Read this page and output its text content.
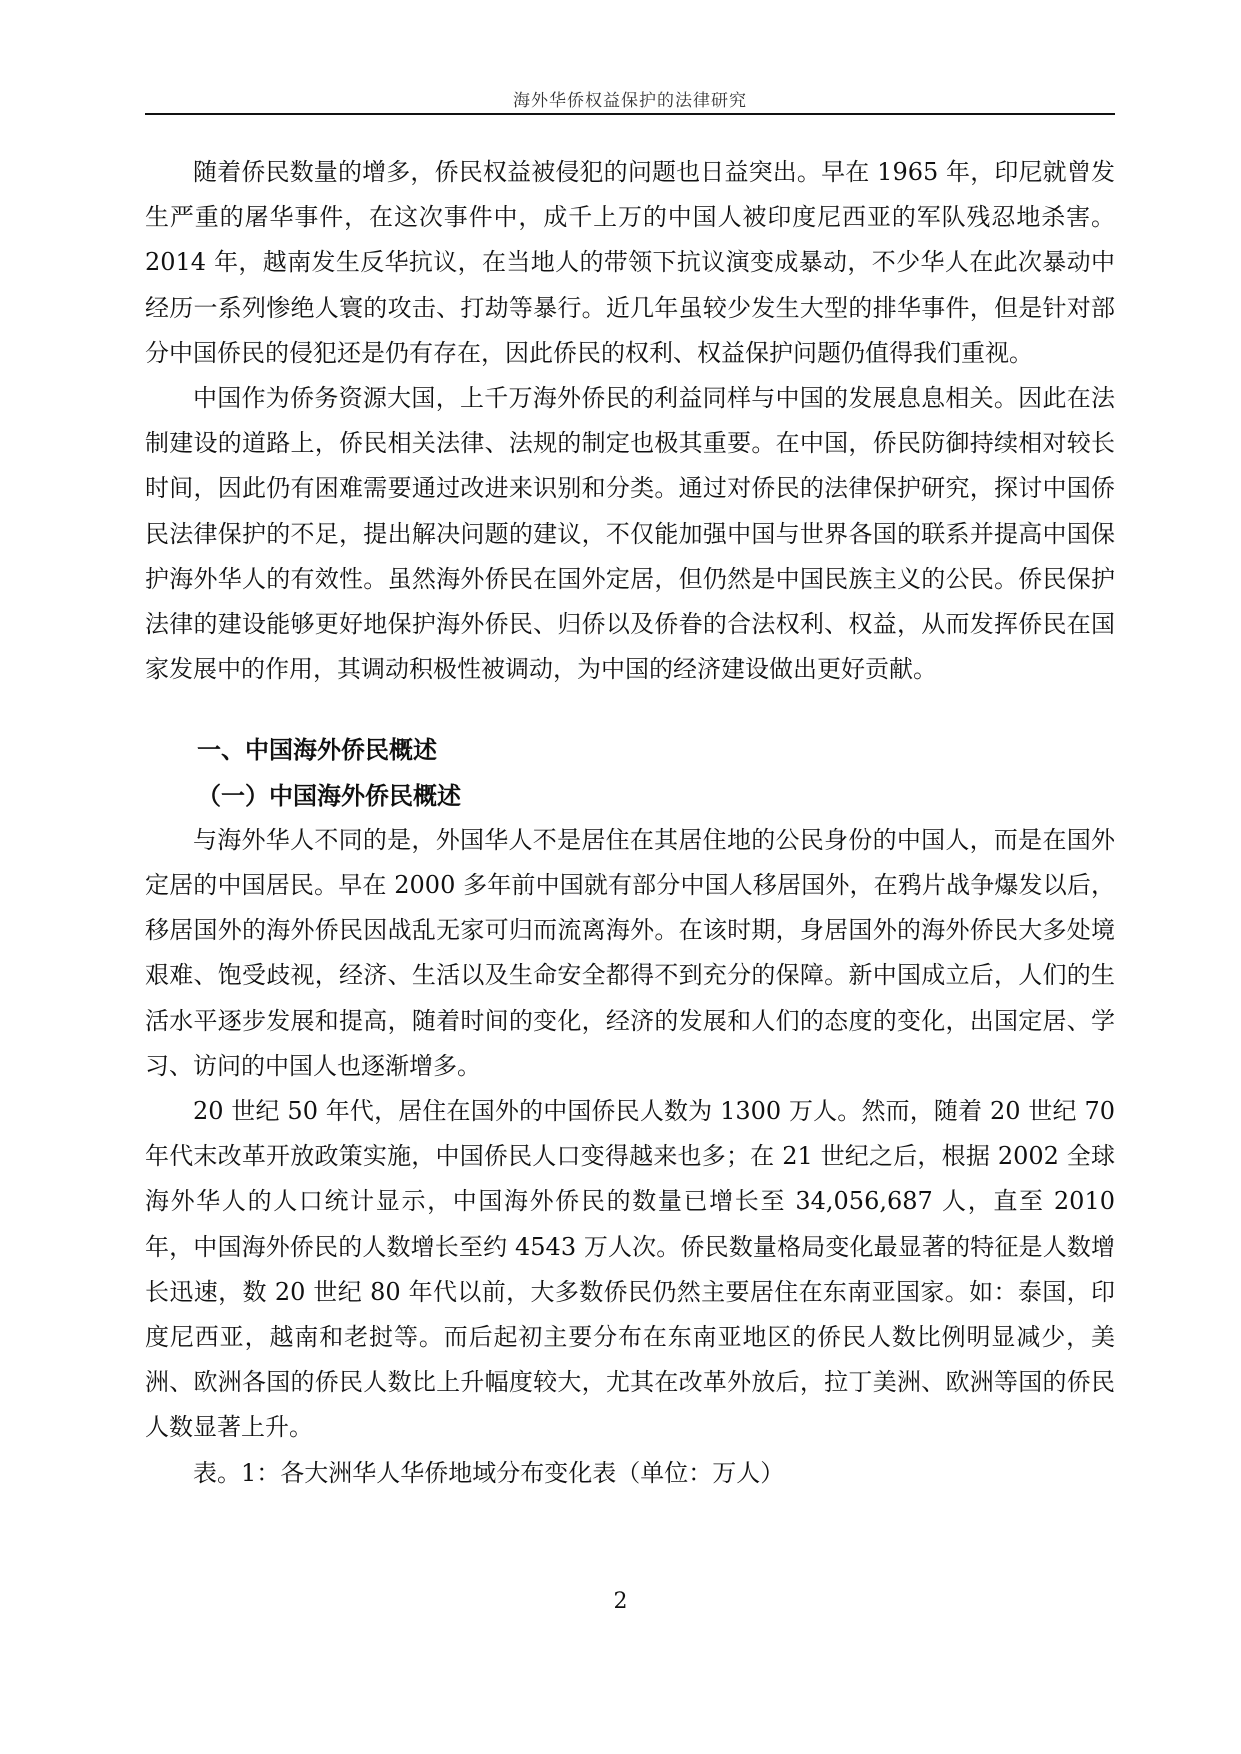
海外华侨权益保护的法律研究

随着侨民数量的增多，侨民权益被侵犯的问题也日益突出。早在 1965 年，印尼就曾发生严重的屠华事件，在这次事件中，成千上万的中国人被印度尼西亚的军队残忍地杀害。2014 年，越南发生反华抗议，在当地人的带领下抗议演变成暴动，不少华人在此次暴动中经历一系列惨绝人寰的攻击、打劫等暴行。近几年虽较少发生大型的排华事件，但是针对部分中国侨民的侵犯还是仍有存在，因此侨民的权利、权益保护问题仍值得我们重视。

中国作为侨务资源大国，上千万海外侨民的利益同样与中国的发展息息相关。因此在法制建设的道路上，侨民相关法律、法规的制定也极其重要。在中国，侨民防御持续相对较长时间，因此仍有困难需要通过改进来识别和分类。通过对侨民的法律保护研究，探讨中国侨民法律保护的不足，提出解决问题的建议，不仅能加强中国与世界各国的联系并提高中国保护海外华人的有效性。虽然海外侨民在国外定居，但仍然是中国民族主义的公民。侨民保护法律的建设能够更好地保护海外侨民、归侨以及侨眷的合法权利、权益，从而发挥侨民在国家发展中的作用，其调动积极性被调动，为中国的经济建设做出更好贡献。

一、中国海外侨民概述

（一）中国海外侨民概述

与海外华人不同的是，外国华人不是居住在其居住地的公民身份的中国人，而是在国外定居的中国居民。早在 2000 多年前中国就有部分中国人移居国外，在鸦片战争爆发以后，移居国外的海外侨民因战乱无家可归而流离海外。在该时期，身居国外的海外侨民大多处境艰难、饱受歧视，经济、生活以及生命安全都得不到充分的保障。新中国成立后，人们的生活水平逐步发展和提高，随着时间的变化，经济的发展和人们的态度的变化，出国定居、学习、访问的中国人也逐渐增多。

20 世纪 50 年代，居住在国外的中国侨民人数为 1300 万人。然而，随着 20 世纪 70 年代末改革开放政策实施，中国侨民人口变得越来也多；在 21 世纪之后，根据 2002 全球海外华人的人口统计显示，中国海外侨民的数量已增长至 34,056,687 人，直至 2010 年，中国海外侨民的人数增长至约 4543 万人次。侨民数量格局变化最显著的特征是人数增长迅速，数 20 世纪 80 年代以前，大多数侨民仍然主要居住在东南亚国家。如：泰国，印度尼西亚，越南和老挝等。而后起初主要分布在东南亚地区的侨民人数比例明显减少，美洲、欧洲各国的侨民人数比上升幅度较大，尤其在改革外放后，拉丁美洲、欧洲等国的侨民人数显著上升。

表。1：各大洲华人华侨地域分布变化表（单位：万人）

2
